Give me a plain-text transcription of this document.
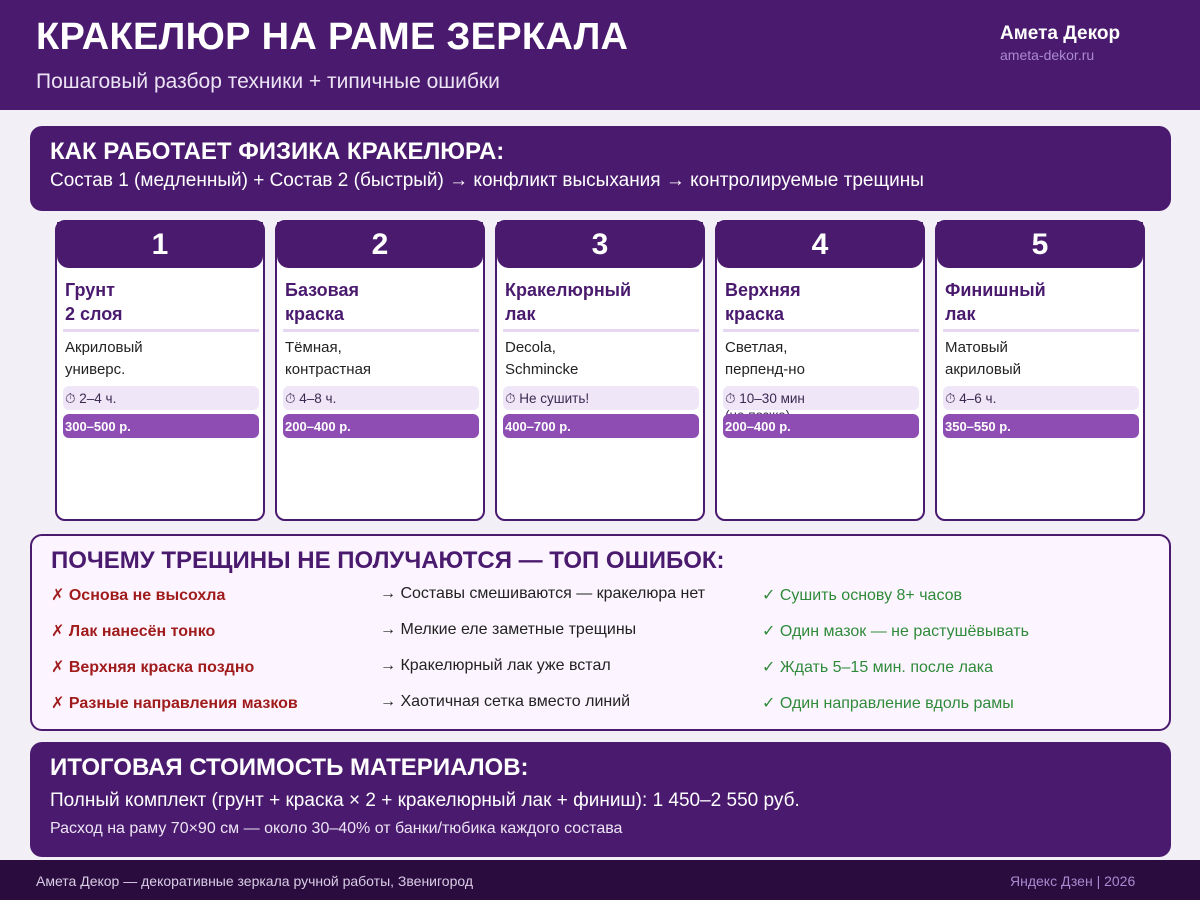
КРАКЕЛЮР НА РАМЕ ЗЕРКАЛА
Пошаговый разбор техники + типичные ошибки
Амета Декор
ameta-dekor.ru
КАК РАБОТАЕТ ФИЗИКА КРАКЕЛЮРА:
Состав 1 (медленный) + Состав 2 (быстрый) → конфликт высыхания → контролируемые трещины
1
Грунт
2 слоя
Акриловый
универс.
⏱ 2–4 ч.
300–500 р.
2
Базовая
краска
Тёмная,
контрастная
⏱ 4–8 ч.
200–400 р.
3
Кракелюрный
лак
Decola,
Schmincke
⏱ Не сушить!
400–700 р.
4
Верхняя
краска
Светлая,
перпенд-но
⏱ 10–30 мин

200–400 р.
5
Финишный
лак
Матовый
акриловый
⏱ 4–6 ч.
350–550 р.
ПОЧЕМУ ТРЕЩИНЫ НЕ ПОЛУЧАЮТСЯ — ТОП ОШИБОК:
✗ Основа не высохла	→ Составы смешиваются — кракелюра нет	✓ Сушить основу 8+ часов
✗ Лак нанесён тонко	→ Мелкие еле заметные трещины	✓ Один мазок — не растушёвывать
✗ Верхняя краска поздно	→ Кракелюрный лак уже встал	✓ Ждать 5–15 мин. после лака
✗ Разные направления мазков	→ Хаотичная сетка вместо линий	✓ Один направление вдоль рамы
ИТОГОВАЯ СТОИМОСТЬ МАТЕРИАЛОВ:
Полный комплект (грунт + краска × 2 + кракелюрный лак + финиш): 1 450–2 550 руб.
Расход на раму 70×90 см — около 30–40% от банки/тюбика каждого состава
Амета Декор — декоративные зеркала ручной работы, Звенигород	Яндекс Дзен | 2026
